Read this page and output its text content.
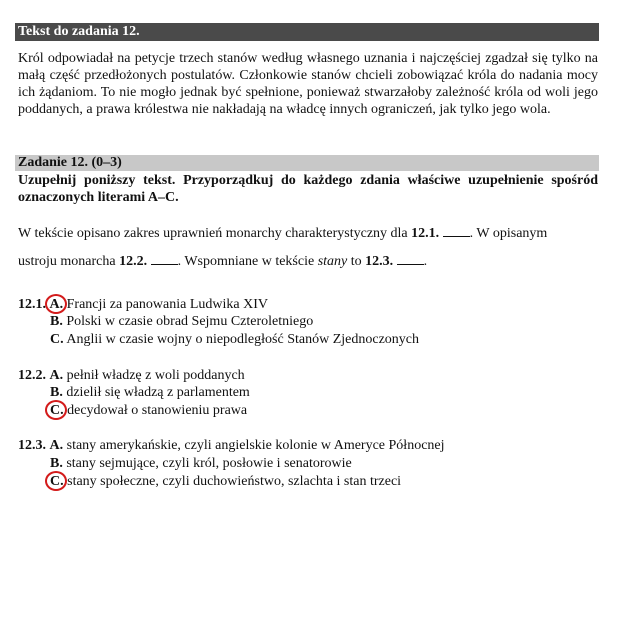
Tekst do zadania 12.
Król odpowiadał na petycje trzech stanów według własnego uznania i najczęściej zgadzał się tylko na małą część przedłożonych postulatów. Członkowie stanów chcieli zobowiązać króla do nadania mocy ich żądaniom. To nie mogło jednak być spełnione, ponieważ stwarzałoby zależność króla od woli jego poddanych, a prawa królestwa nie nakładają na władcę innych ograniczeń, jak tylko jego wola.
Zadanie 12. (0–3)
Uzupełnij poniższy tekst. Przyporządkuj do każdego zdania właściwe uzupełnienie spośród oznaczonych literami A–C.
W tekście opisano zakres uprawnień monarchy charakterystyczny dla 12.1. . W opisanym
ustroju monarcha 12.2. . Wspomniane w tekście stany to 12.3. .
12.1. A. Francji za panowania Ludwika XIV
B. Polski w czasie obrad Sejmu Czteroletniego
C. Anglii w czasie wojny o niepodległość Stanów Zjednoczonych
12.2. A. pełnił władzę z woli poddanych
B. dzielił się władzą z parlamentem
C. decydował o stanowieniu prawa
12.3. A. stany amerykańskie, czyli angielskie kolonie w Ameryce Północnej
B. stany sejmujące, czyli król, posłowie i senatorowie
C. stany społeczne, czyli duchowieństwo, szlachta i stan trzeci
